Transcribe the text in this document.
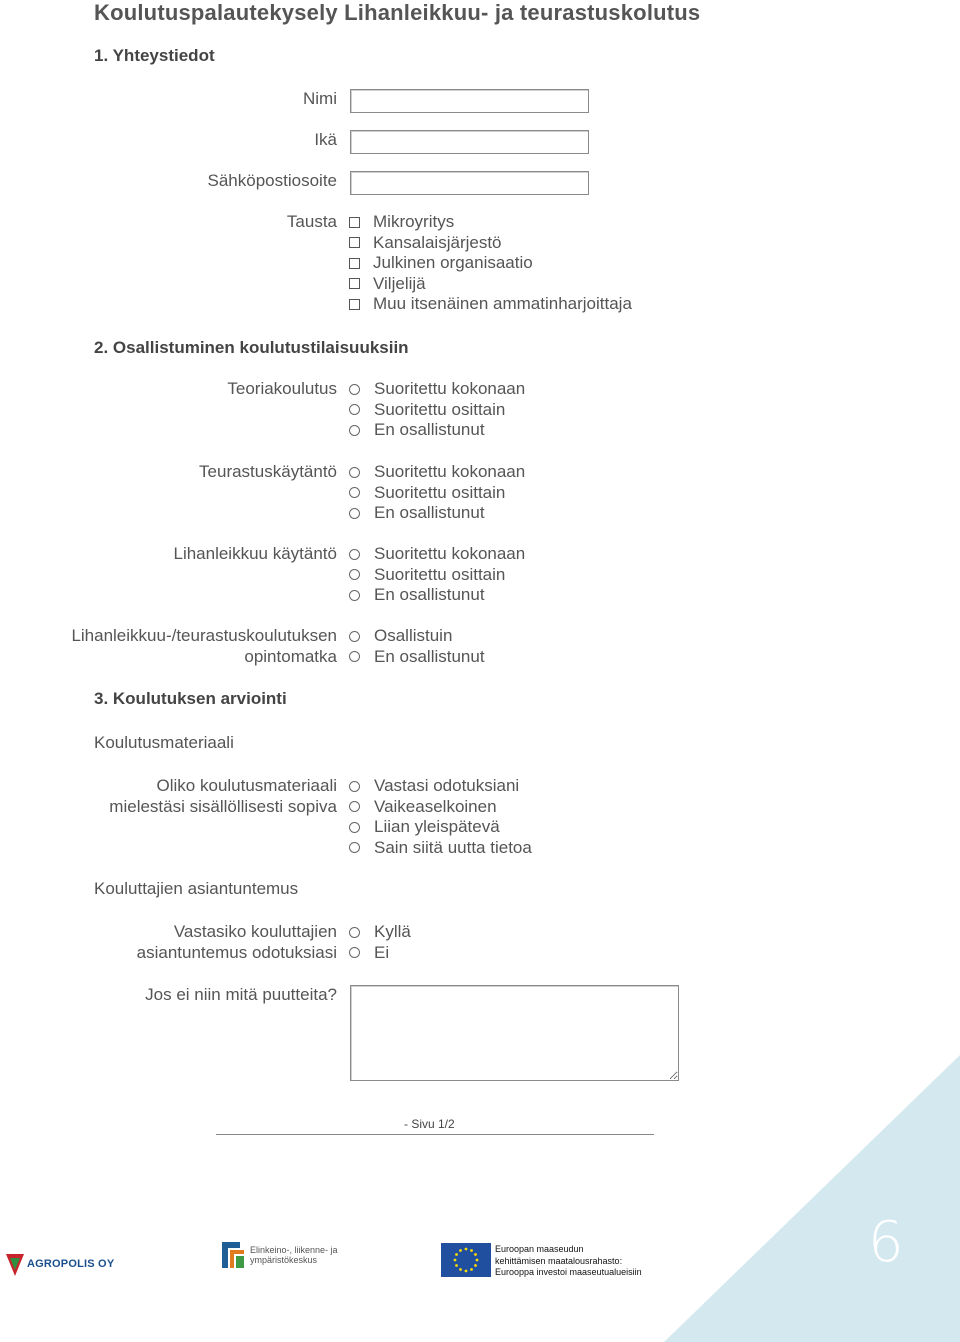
6
Koulutuspalautekysely Lihanleikkuu- ja teurastuskolutus
1. Yhteystiedot
Nimi
Ikä
Sähköpostiosoite
Tausta Mikroyritys
Kansalaisjärjestö
Julkinen organisaatio
Viljelijä
Muu itsenäinen ammatinharjoittaja
2. Osallistuminen koulutustilaisuuksiin
Teoriakoulutus Suoritettu kokonaan
Suoritettu osittain
En osallistunut
Teurastuskäytäntö Suoritettu kokonaan
Suoritettu osittain
En osallistunut
Lihanleikkuu käytäntö Suoritettu kokonaan
Suoritettu osittain
En osallistunut
Lihanleikkuu-/teurastuskoulutuksen
opintomatka
Osallistuin
En osallistunut
3. Koulutuksen arviointi
Koulutusmateriaali
Oliko koulutusmateriaali
mielestäsi sisällöllisesti sopiva
Vastasi odotuksiani
Vaikeaselkoinen
Liian yleispätevä
Sain siitä uutta tietoa
Kouluttajien asiantuntemus
Vastasiko kouluttajien
asiantuntemus odotuksiasi
Kyllä
Ei
Jos ei niin mitä puutteita?
- Sivu 1/2
AGROPOLIS OY
Elinkeino-, liikenne- ja
ympäristökeskus
Euroopan maaseudun
kehittämisen maatalousrahasto:
Eurooppa investoi maaseutualueisiin
